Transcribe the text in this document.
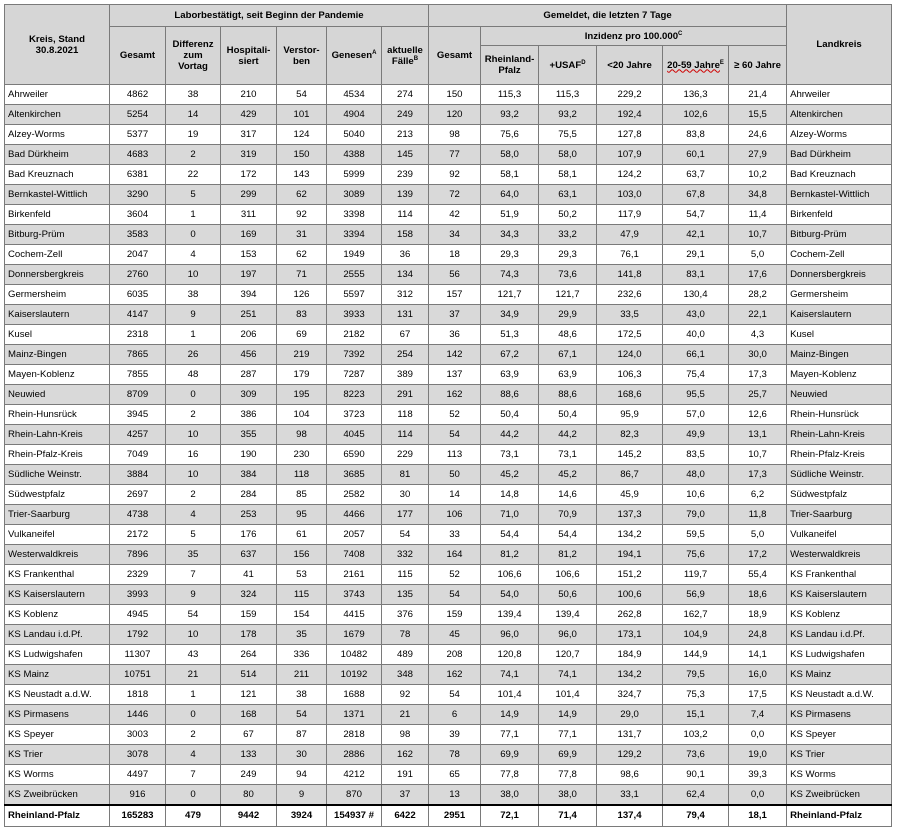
Kreis, Stand 30.8.2021	Laborbestätigt, seit Beginn der Pandemie						Gemeldet, die letzten 7 Tage						Landkreis
	Gesamt	Differenz zum Vortag	Hospitali-siert	Verstor-ben	Genesen$^A$	aktuelle Fälle$^B$	Gesamt	Inzidenz pro $100.000^C$
								Rheinland-Pfalz	$+USAF^D$	<20 Jahre	20-59 Jahre$^E$	≥ 60 Jahre	
Ahrweiler	4862	38	210	54	4534	274	150	115,3	115,3	229,2	136,3	21,4	Ahrweiler
Altenkirchen	5254	14	429	101	4904	249	120	93,2	93,2	192,4	102,6	15,5	Altenkirchen
Alzey-Worms	5377	19	317	124	5040	213	98	75,6	75,5	127,8	83,8	24,6	Alzey-Worms
Bad Dürkheim	4683	2	319	150	4388	145	77	58,0	58,0	107,9	60,1	27,9	Bad Dürkheim
Bad Kreuznach	6381	22	172	143	5999	239	92	58,1	58,1	124,2	63,7	10,2	Bad Kreuznach
Bernkastel-Wittlich	3290	5	299	62	3089	139	72	64,0	63,1	103,0	67,8	34,8	Bernkastel-Wittlich
Birkenfeld	3604	1	311	92	3398	114	42	51,9	50,2	117,9	54,7	11,4	Birkenfeld
Bitburg-Prüm	3583	0	169	31	3394	158	34	34,3	33,2	47,9	42,1	10,7	Bitburg-Prüm
Cochem-Zell	2047	4	153	62	1949	36	18	29,3	29,3	76,1	29,1	5,0	Cochem-Zell
Donnersbergkreis	2760	10	197	71	2555	134	56	74,3	73,6	141,8	83,1	17,6	Donnersbergkreis
Germersheim	6035	38	394	126	5597	312	157	121,7	121,7	232,6	130,4	28,2	Germersheim
Kaiserslautern	4147	9	251	83	3933	131	37	34,9	29,9	33,5	43,0	22,1	Kaiserslautern
Kusel	2318	1	206	69	2182	67	36	51,3	48,6	172,5	40,0	4,3	Kusel
Mainz-Bingen	7865	26	456	219	7392	254	142	67,2	67,1	124,0	66,1	30,0	Mainz-Bingen
Mayen-Koblenz	7855	48	287	179	7287	389	137	63,9	63,9	106,3	75,4	17,3	Mayen-Koblenz
Neuwied	8709	0	309	195	8223	291	162	88,6	88,6	168,6	95,5	25,7	Neuwied
Rhein-Hunsrück	3945	2	386	104	3723	118	52	50,4	50,4	95,9	57,0	12,6	Rhein-Hunsrück
Rhein-Lahn-Kreis	4257	10	355	98	4045	114	54	44,2	44,2	82,3	49,9	13,1	Rhein-Lahn-Kreis
Rhein-Pfalz-Kreis	7049	16	190	230	6590	229	113	73,1	73,1	145,2	83,5	10,7	Rhein-Pfalz-Kreis
Südliche Weinstr.	3884	10	384	118	3685	81	50	45,2	45,2	86,7	48,0	17,3	Südliche Weinstr.
Südwestpfalz	2697	2	284	85	2582	30	14	14,8	14,6	45,9	10,6	6,2	Südwestpfalz
Trier-Saarburg	4738	4	253	95	4466	177	106	71,0	70,9	137,3	79,0	11,8	Trier-Saarburg
Vulkaneifel	2172	5	176	61	2057	54	33	54,4	54,4	134,2	59,5	5,0	Vulkaneifel
Westerwaldkreis	7896	35	637	156	7408	332	164	81,2	81,2	194,1	75,6	17,2	Westerwaldkreis
KS Frankenthal	2329	7	41	53	2161	115	52	106,6	106,6	151,2	119,7	55,4	KS Frankenthal
KS Kaiserslautern	3993	9	324	115	3743	135	54	54,0	50,6	100,6	56,9	18,6	KS Kaiserslautern
KS Koblenz	4945	54	159	154	4415	376	159	139,4	139,4	262,8	162,7	18,9	KS Koblenz
KS Landau i.d.Pf.	1792	10	178	35	1679	78	45	96,0	96,0	173,1	104,9	24,8	KS Landau i.d.Pf.
KS Ludwigshafen	11307	43	264	336	10482	489	208	120,8	120,7	184,9	144,9	14,1	KS Ludwigshafen
KS Mainz	10751	21	514	211	10192	348	162	74,1	74,1	134,2	79,5	16,0	KS Mainz
KS Neustadt a.d.W.	1818	1	121	38	1688	92	54	101,4	101,4	324,7	75,3	17,5	KS Neustadt a.d.W.
KS Pirmasens	1446	0	168	54	1371	21	6	14,9	14,9	29,0	15,1	7,4	KS Pirmasens
KS Speyer	3003	2	67	87	2818	98	39	77,1	77,1	131,7	103,2	0,0	KS Speyer
KS Trier	3078	4	133	30	2886	162	78	69,9	69,9	129,2	73,6	19,0	KS Trier
KS Worms	4497	7	249	94	4212	191	65	77,8	77,8	98,6	90,1	39,3	KS Worms
KS Zweibrücken	916	0	80	9	870	37	13	38,0	38,0	33,1	62,4	0,0	KS Zweibrücken
Rheinland-Pfalz	165283	479	9442	3924	154937 #	6422	2951	72,1	71,4	137,4	79,4	18,1	Rheinland-Pfalz
